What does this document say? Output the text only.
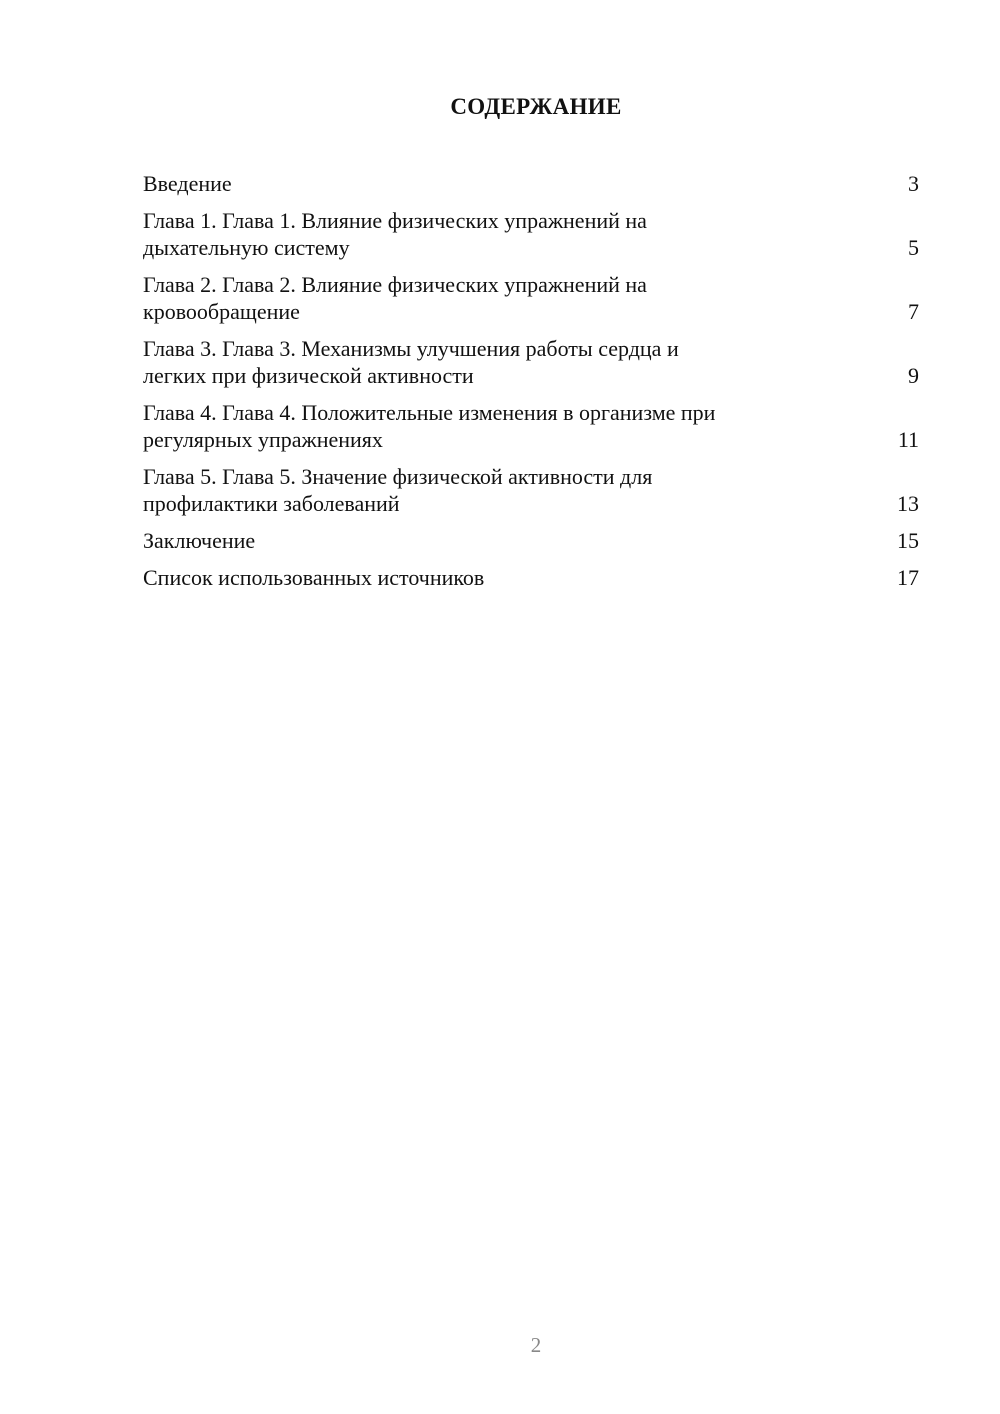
СОДЕРЖАНИЕ
Введение	3
Глава 1. Глава 1. Влияние физических упражнений на
дыхательную систему	5
Глава 2. Глава 2. Влияние физических упражнений на
кровообращение	7
Глава 3. Глава 3. Механизмы улучшения работы сердца и
легких при физической активности	9
Глава 4. Глава 4. Положительные изменения в организме при
регулярных упражнениях	11
Глава 5. Глава 5. Значение физической активности для
профилактики заболеваний	13
Заключение	15
Список использованных источников	17
2
